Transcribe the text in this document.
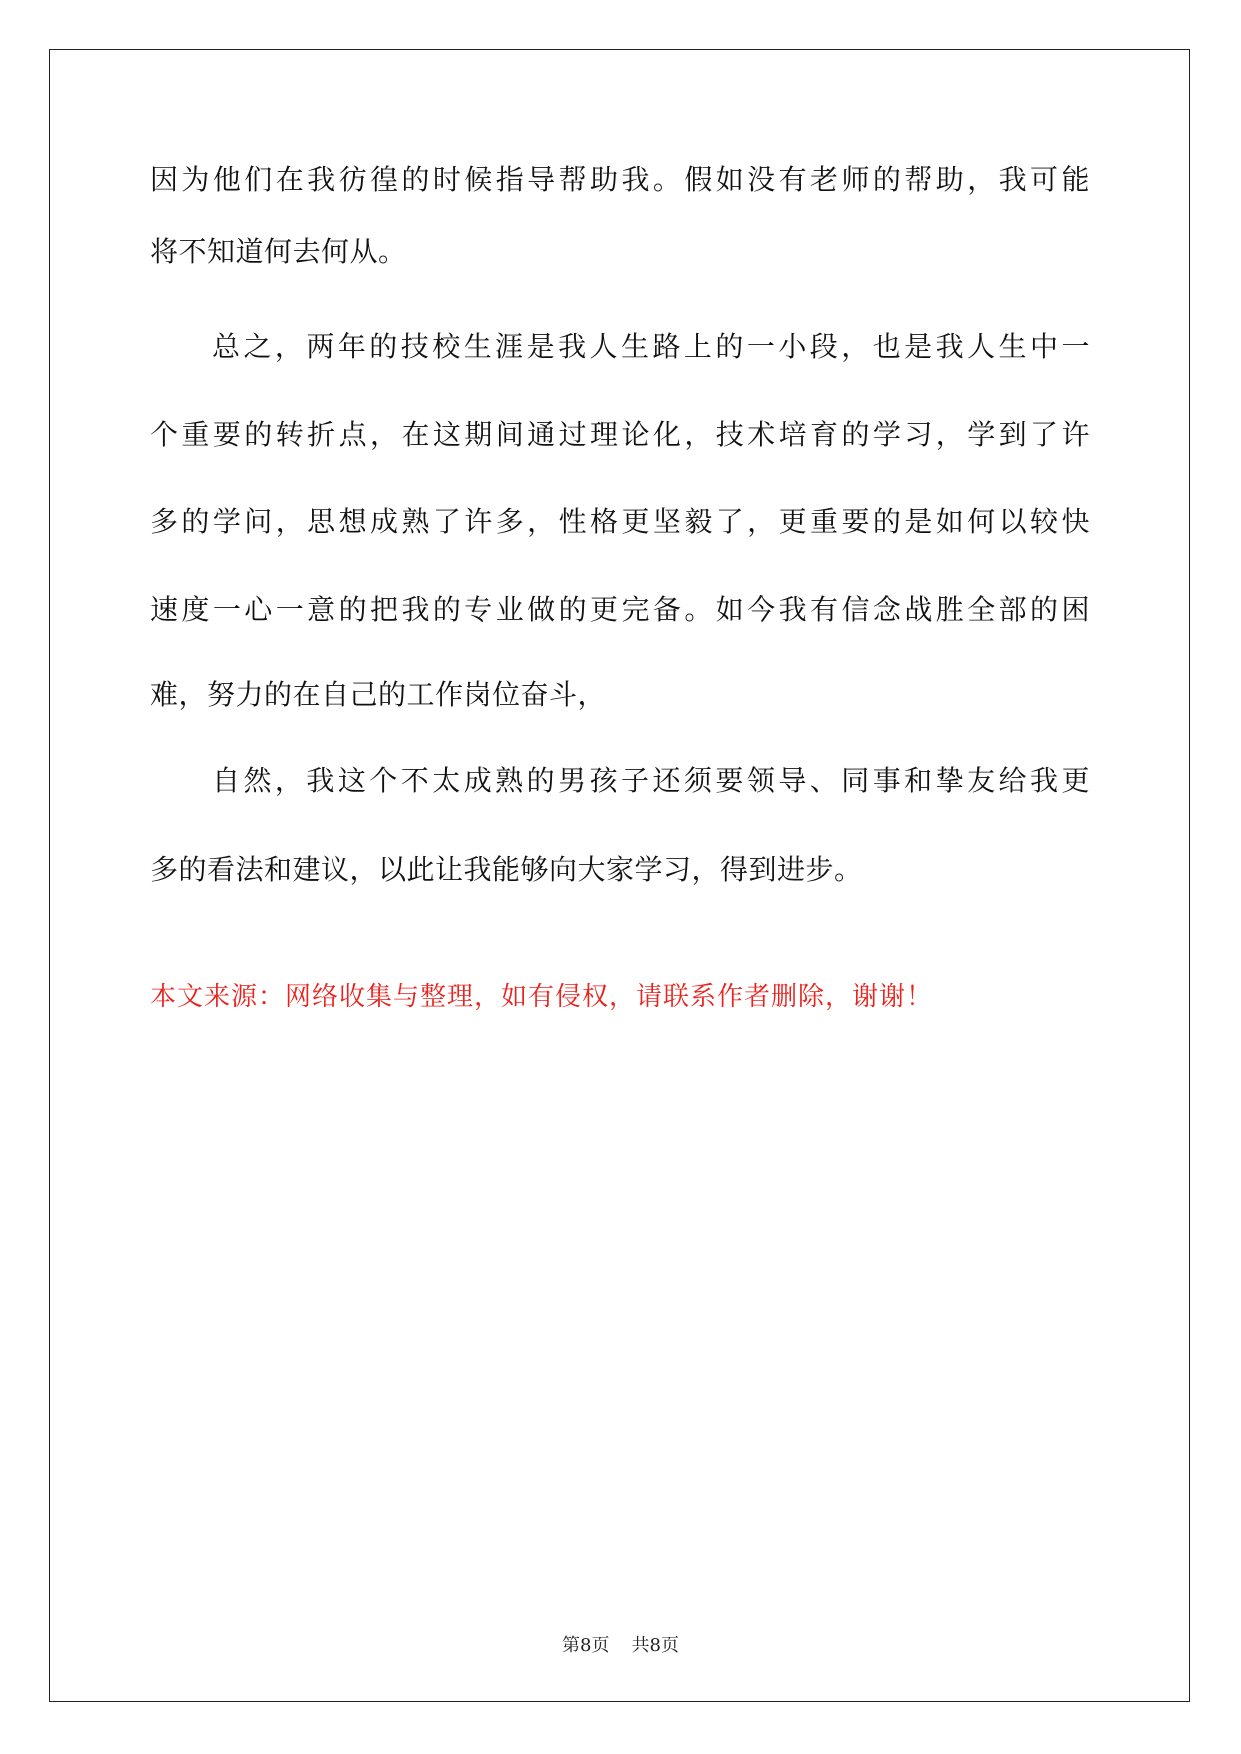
因为他们在我彷徨的时候指导帮助我。假如没有老师的帮助，我可能
将不知道何去何从。
总之，两年的技校生涯是我人生路上的一小段，也是我人生中一
个重要的转折点，在这期间通过理论化，技术培育的学习，学到了许
多的学问，思想成熟了许多，性格更坚毅了，更重要的是如何以较快
速度一心一意的把我的专业做的更完备。如今我有信念战胜全部的困
难，努力的在自己的工作岗位奋斗，
自然，我这个不太成熟的男孩子还须要领导、同事和挚友给我更
多的看法和建议，以此让我能够向大家学习，得到进步。
本文来源：网络收集与整理，如有侵权，请联系作者删除，谢谢！
第8页 共8页
